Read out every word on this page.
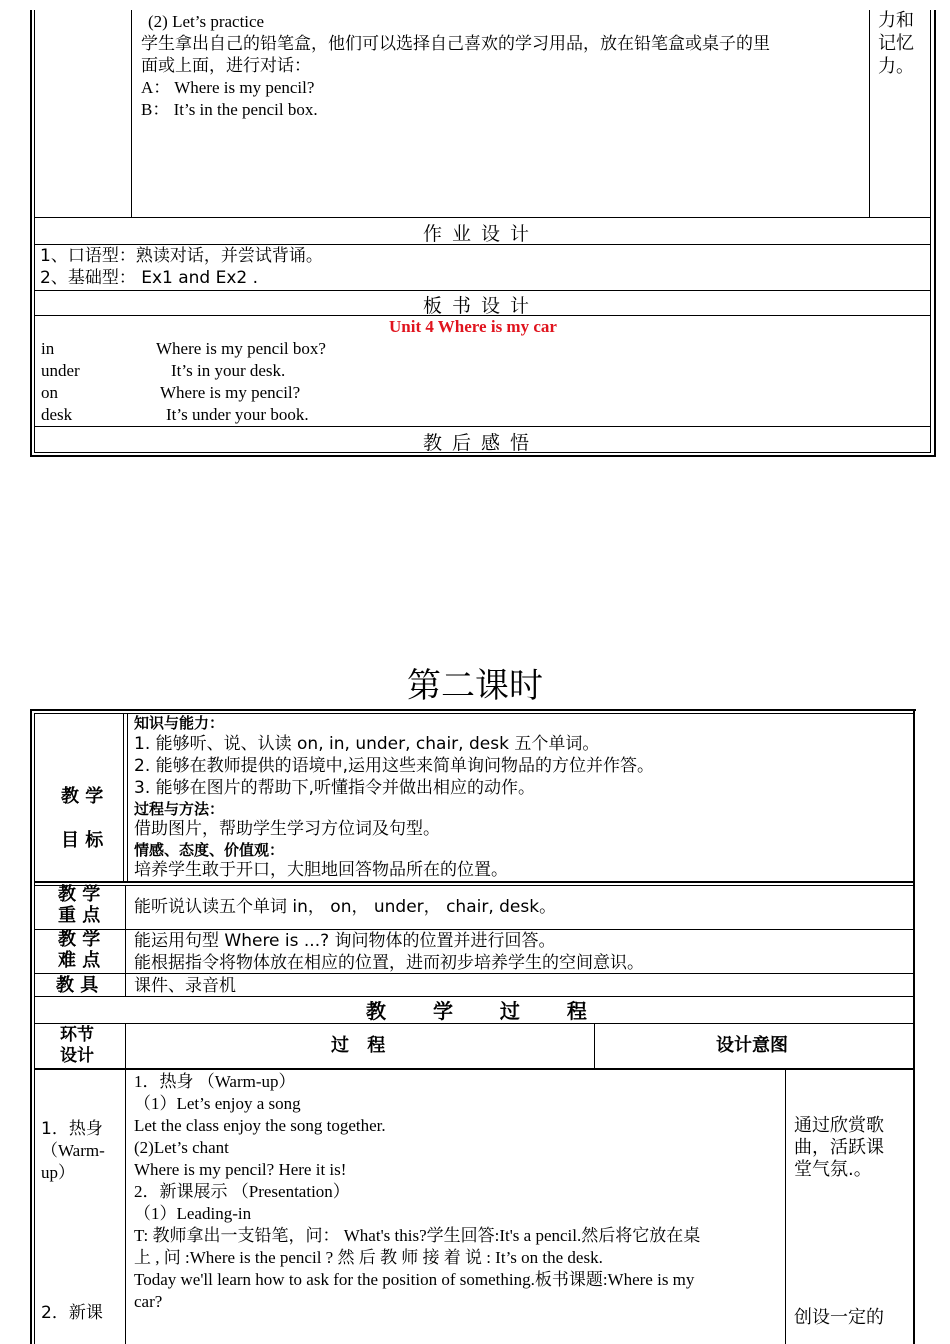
(2) Let’s practice
学生拿出自己的铅笔盒，他们可以选择自己喜欢的学习用品，放在铅笔盒或桌子的里
面或上面，进行对话：
A： Where is my pencil?
B： It’s in the pencil box.
力和
记忆
力。
作业设计
1、口语型：熟读对话，并尝试背诵。
2、基础型： Ex1 and Ex2 .
板书设计
Unit 4 Where is my car
in
under
on
desk
Where is my pencil box?
It’s in your desk.
Where is my pencil?
It’s under your book.
教后感悟
第二课时
教 学
目 标
知识与能力：
1. 能够听、说、认读 on, in, under, chair, desk 五个单词。
2. 能够在教师提供的语境中,运用这些来简单询问物品的方位并作答。
3. 能够在图片的帮助下,听懂指令并做出相应的动作。
过程与方法：
借助图片，帮助学生学习方位词及句型。
情感、态度、价值观：
培养学生敢于开口，大胆地回答物品所在的位置。
教 学
重 点 能听说认读五个单词 in， on， under， chair, desk。
教 学
难 点
能运用句型 Where is ...? 询问物体的位置并进行回答。
能根据指令将物体放在相应的位置，进而初步培养学生的空间意识。
教 具 课件、录音机
教 学 过 程
环节
设计	过 程	设计意图
1．热身
（Warm-
up）
2．新课
1．热身 （Warm-up）
（1）Let’s enjoy a song
Let the class enjoy the song together.
(2)Let’s chant
Where is my pencil? Here it is!
2．新课展示 （Presentation）
（1）Leading-in
T: 教师拿出一支铅笔，问： What's this?学生回答:It's a pencil.然后将它放在桌
上 , 问 :Where is the pencil ? 然 后 教 师 接 着 说 : It’s on the desk.
Today we'll learn how to ask for the position of something.板书课题:Where is my
car?
通过欣赏歌
曲，活跃课
堂气氛.。
创设一定的
